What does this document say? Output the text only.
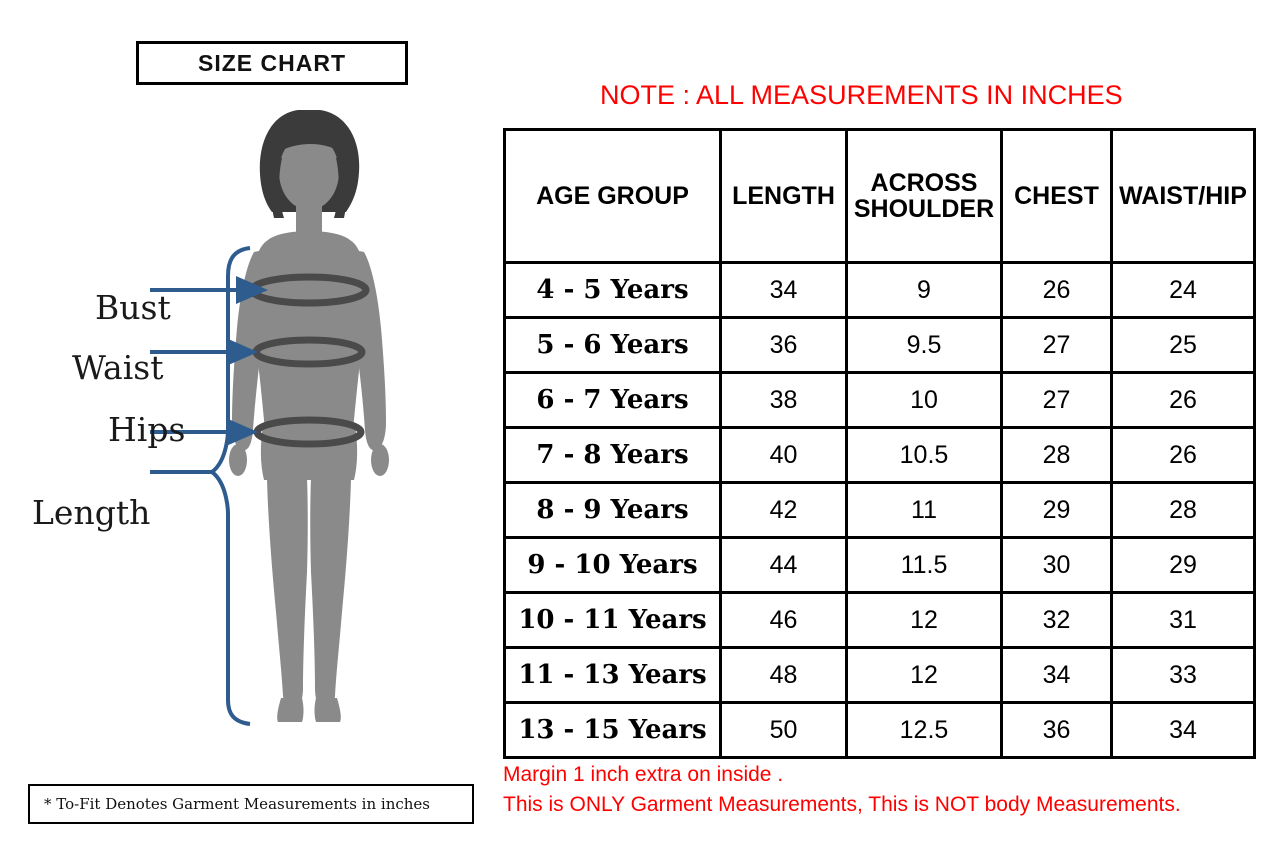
SIZE CHART
Bust
Waist
Hips
Length
* To-Fit Denotes Garment Measurements in inches
NOTE : ALL MEASUREMENTS IN INCHES
AGE GROUP	LENGTH	ACROSS SHOULDER	CHEST	WAIST/HIP
4 - 5 Years	34	9	26	24
5 - 6 Years	36	9.5	27	25
6 - 7 Years	38	10	27	26
7 - 8 Years	40	10.5	28	26
8 - 9 Years	42	11	29	28
9 - 10 Years	44	11.5	30	29
10 - 11 Years	46	12	32	31
11 - 13 Years	48	12	34	33
13 - 15 Years	50	12.5	36	34
Margin 1 inch extra on inside .
This is ONLY Garment Measurements, This is NOT body Measurements.
